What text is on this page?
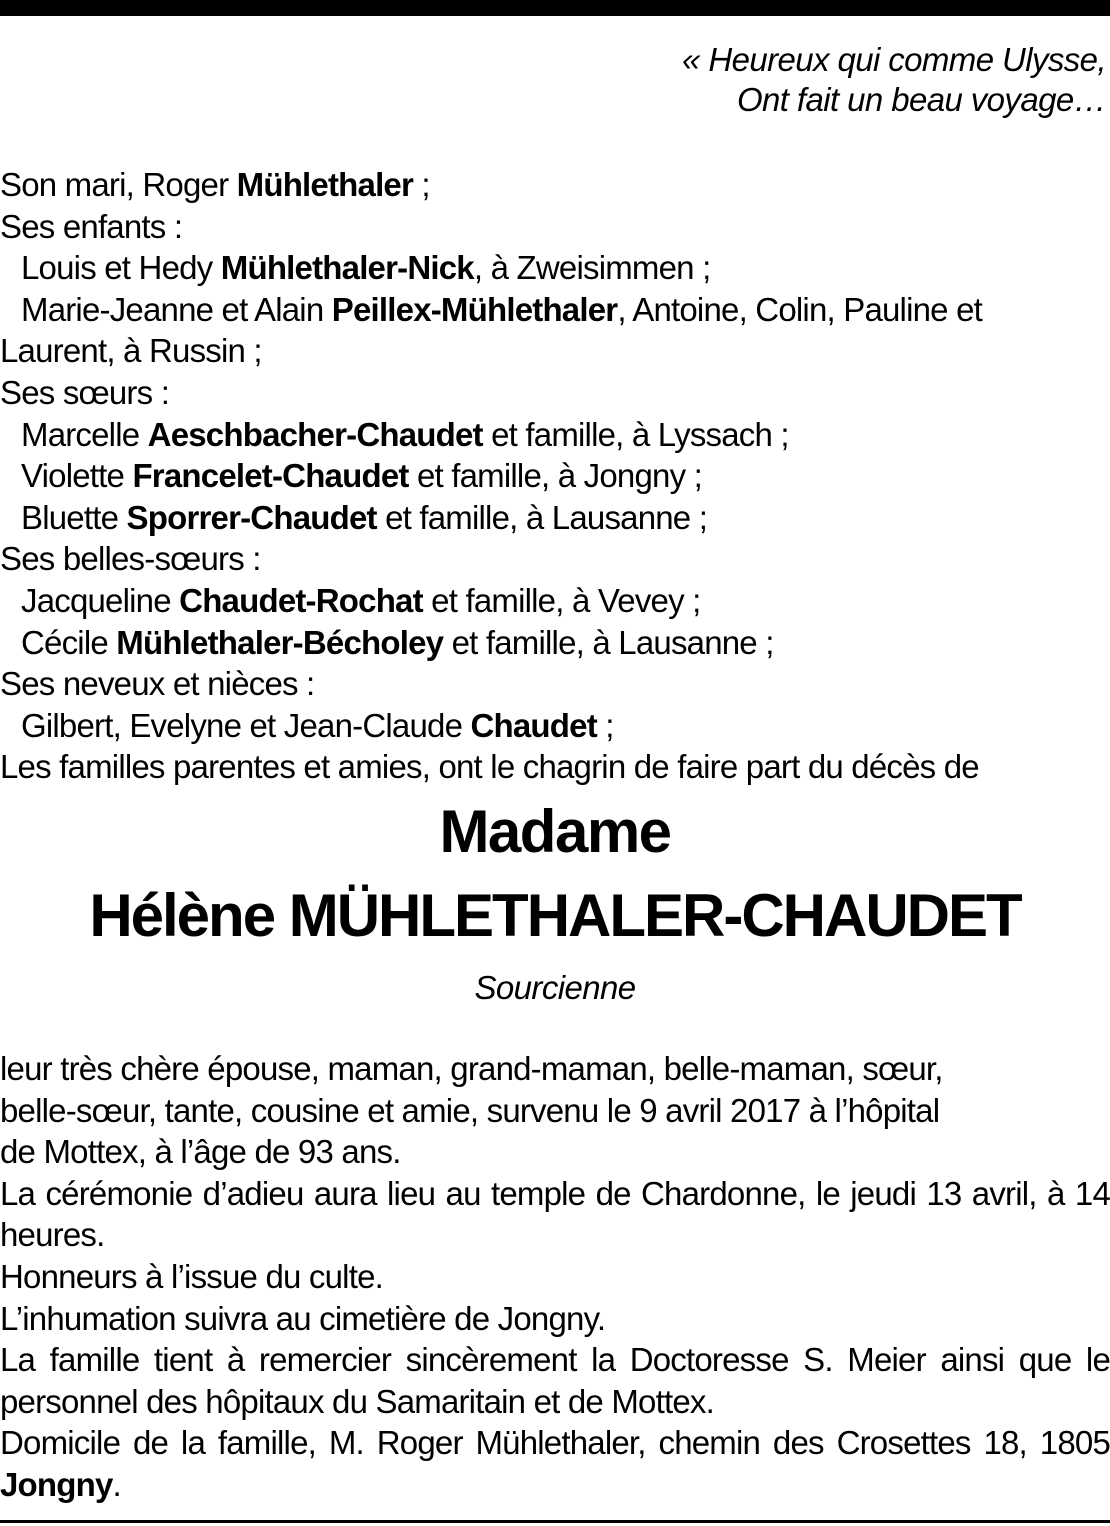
« Heureux qui comme Ulysse,
Ont fait un beau voyage…
Son mari, Roger Mühlethaler ;
Ses enfants :
Louis et Hedy Mühlethaler-Nick, à Zweisimmen ;
Marie-Jeanne et Alain Peillex-Mühlethaler, Antoine, Colin, Pauline et
Laurent, à Russin ;
Ses sœurs :
Marcelle Aeschbacher-Chaudet et famille, à Lyssach ;
Violette Francelet-Chaudet et famille, à Jongny ;
Bluette Sporrer-Chaudet et famille, à Lausanne ;
Ses belles-sœurs :
Jacqueline Chaudet-Rochat et famille, à Vevey ;
Cécile Mühlethaler-Bécholey et famille, à Lausanne ;
Ses neveux et nièces :
Gilbert, Evelyne et Jean-Claude Chaudet ;
Les familles parentes et amies, ont le chagrin de faire part du décès de
Madame
Hélène MÜHLETHALER-CHAUDET
Sourcienne
leur très chère épouse, maman, grand-maman, belle-maman, sœur,
belle-sœur, tante, cousine et amie, survenu le 9 avril 2017 à l’hôpital
de Mottex, à l’âge de 93 ans.
La cérémonie d’adieu aura lieu au temple de Chardonne, le jeudi 13 avril, à 14 heures.
Honneurs à l’issue du culte.
L’inhumation suivra au cimetière de Jongny.
La famille tient à remercier sincèrement la Doctoresse S. Meier ainsi que le personnel des hôpitaux du Samaritain et de Mottex.
Domicile de la famille, M. Roger Mühlethaler, chemin des Crosettes 18, 1805 Jongny.
